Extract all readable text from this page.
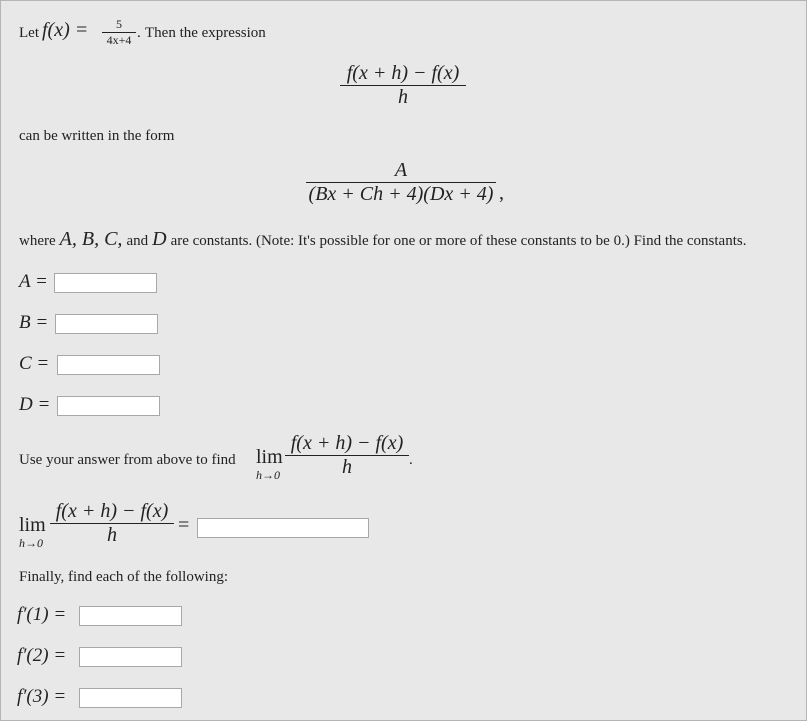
Let f(x) =	5
4x+4 . Then the expression
f(x + h) − f(x)
h
can be written in the form
A
(Bx + Ch + 4)(Dx + 4) ,
where A, B, C, and D are constants. (Note: It's possible for one or more of these constants to be 0.) Find the constants.
A =
B =
C =
D =
Use your answer from above to find lim
h→0
f(x + h) − f(x)
h	.
lim
h→0
f(x + h) − f(x)
h	=
Finally, find each of the following:
f′(1) =
f′(2) =
f′(3) =
